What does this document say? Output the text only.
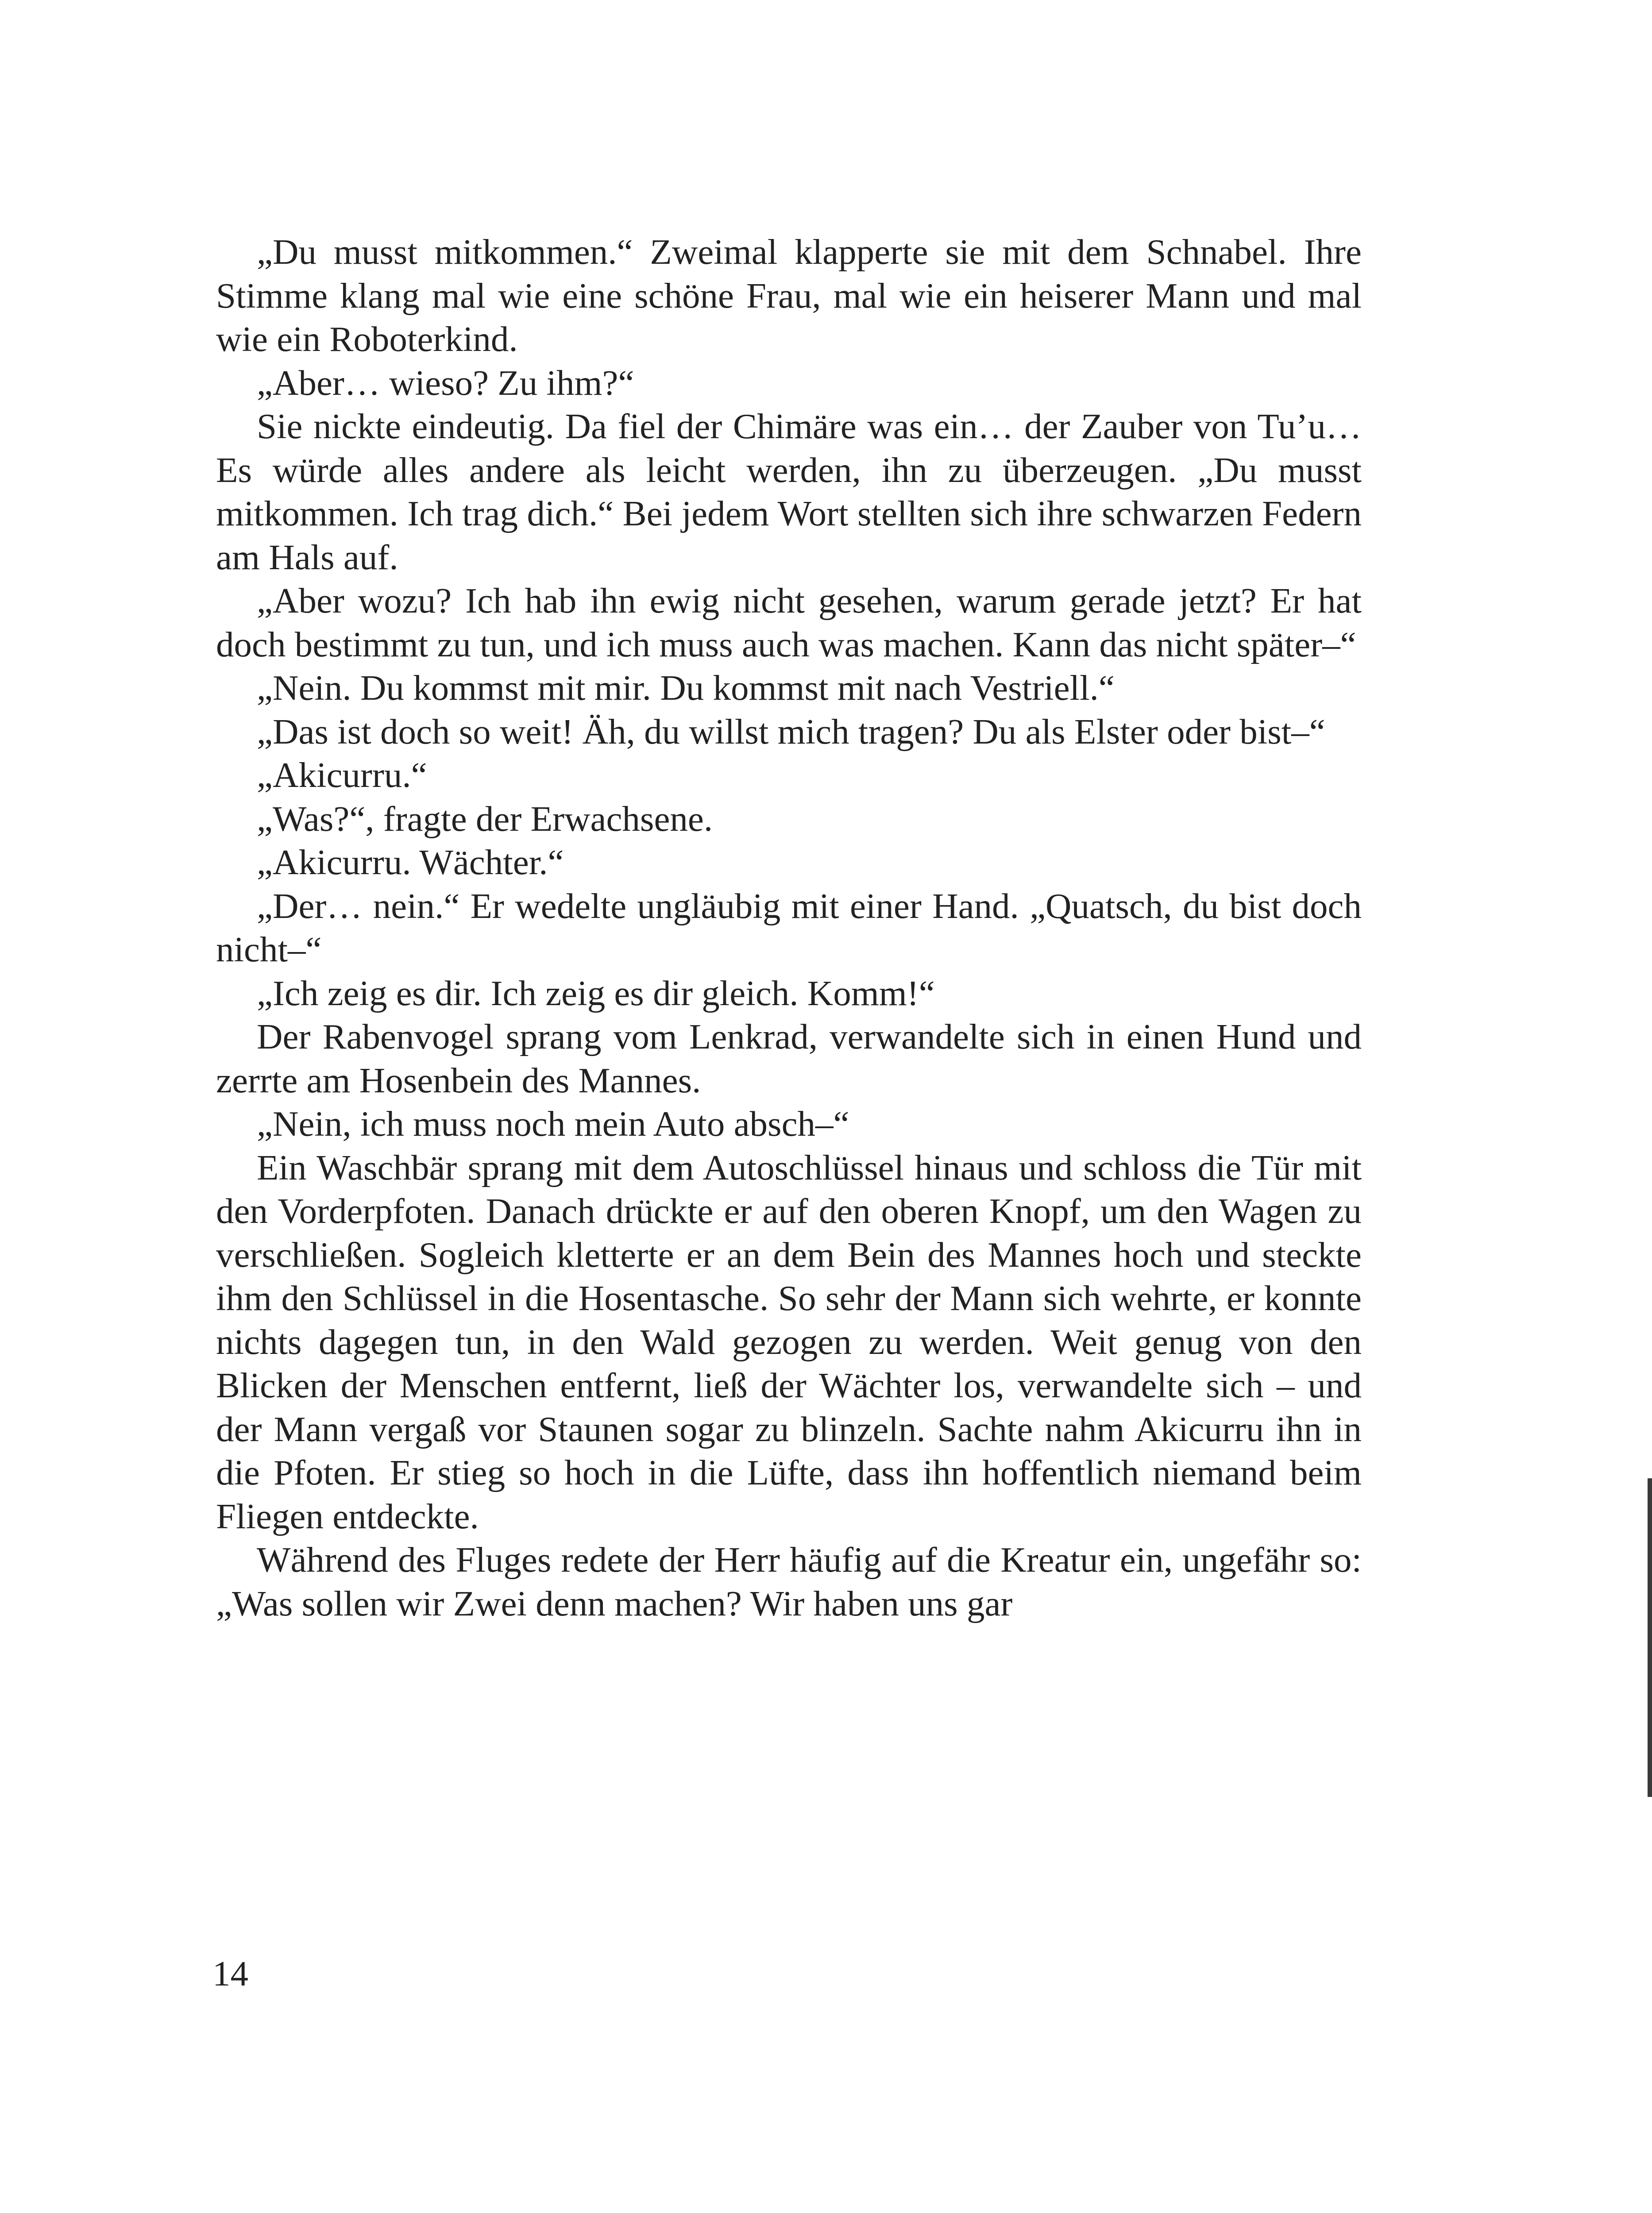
„Du musst mitkommen.“ Zweimal klapperte sie mit dem Schnabel. Ihre Stimme klang mal wie eine schöne Frau, mal wie ein heiserer Mann und mal wie ein Roboterkind.

„Aber… wieso? Zu ihm?“

Sie nickte eindeutig. Da fiel der Chimäre was ein… der Zauber von Tu’u… Es würde alles andere als leicht werden, ihn zu überzeugen. „Du musst mitkommen. Ich trag dich.“ Bei jedem Wort stellten sich ihre schwarzen Federn am Hals auf.

„Aber wozu? Ich hab ihn ewig nicht gesehen, warum gerade jetzt? Er hat doch bestimmt zu tun, und ich muss auch was machen. Kann das nicht später–“

„Nein. Du kommst mit mir. Du kommst mit nach Vestriell.“

„Das ist doch so weit! Äh, du willst mich tragen? Du als Elster oder bist–“

„Akicurru.“

„Was?“, fragte der Erwachsene.

„Akicurru. Wächter.“

„Der… nein.“ Er wedelte ungläubig mit einer Hand. „Quatsch, du bist doch nicht–“

„Ich zeig es dir. Ich zeig es dir gleich. Komm!“

Der Rabenvogel sprang vom Lenkrad, verwandelte sich in einen Hund und zerrte am Hosenbein des Mannes.

„Nein, ich muss noch mein Auto absch–“

Ein Waschbär sprang mit dem Autoschlüssel hinaus und schloss die Tür mit den Vorderpfoten. Danach drückte er auf den oberen Knopf, um den Wagen zu verschließen. Sogleich kletterte er an dem Bein des Mannes hoch und steckte ihm den Schlüssel in die Hosentasche. So sehr der Mann sich wehrte, er konnte nichts dagegen tun, in den Wald gezogen zu werden. Weit genug von den Blicken der Menschen entfernt, ließ der Wächter los, verwandelte sich – und der Mann vergaß vor Staunen sogar zu blinzeln. Sachte nahm Akicurru ihn in die Pfoten. Er stieg so hoch in die Lüfte, dass ihn hoffentlich niemand beim Fliegen entdeckte.

Während des Fluges redete der Herr häufig auf die Kreatur ein, ungefähr so: „Was sollen wir Zwei denn machen? Wir haben uns gar

14
